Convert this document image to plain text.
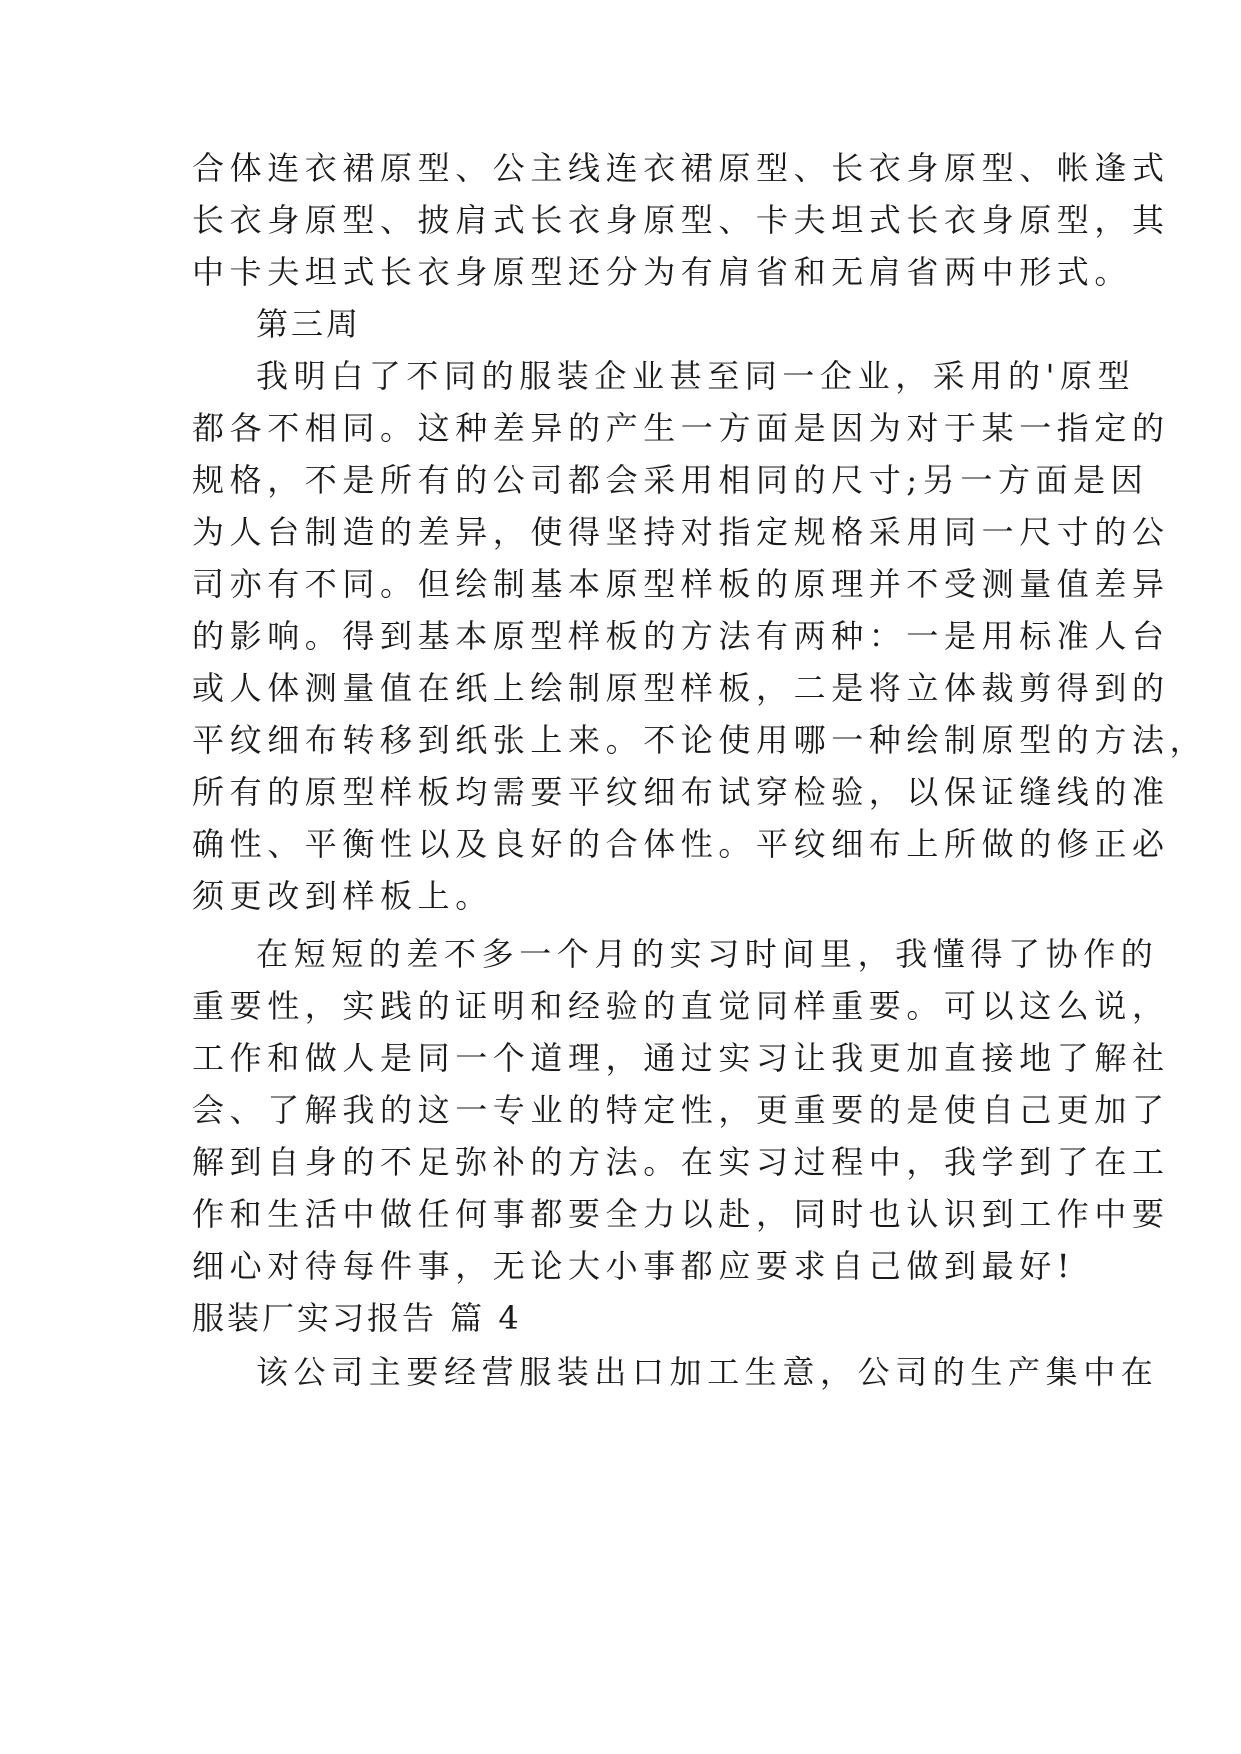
合体连衣裙原型、公主线连衣裙原型、长衣身原型、帐逢式
长衣身原型、披肩式长衣身原型、卡夫坦式长衣身原型，其
中卡夫坦式长衣身原型还分为有肩省和无肩省两中形式。
第三周
我明白了不同的服装企业甚至同一企业，采用的'原型
都各不相同。这种差异的产生一方面是因为对于某一指定的
规格，不是所有的公司都会采用相同的尺寸;另一方面是因
为人台制造的差异，使得坚持对指定规格采用同一尺寸的公
司亦有不同。但绘制基本原型样板的原理并不受测量值差异
的影响。得到基本原型样板的方法有两种：一是用标准人台
或人体测量值在纸上绘制原型样板，二是将立体裁剪得到的
平纹细布转移到纸张上来。不论使用哪一种绘制原型的方法，
所有的原型样板均需要平纹细布试穿检验，以保证缝线的准
确性、平衡性以及良好的合体性。平纹细布上所做的修正必
须更改到样板上。
在短短的差不多一个月的实习时间里，我懂得了协作的
重要性，实践的证明和经验的直觉同样重要。可以这么说，
工作和做人是同一个道理，通过实习让我更加直接地了解社
会、了解我的这一专业的特定性，更重要的是使自己更加了
解到自身的不足弥补的方法。在实习过程中，我学到了在工
作和生活中做任何事都要全力以赴，同时也认识到工作中要
细心对待每件事，无论大小事都应要求自己做到最好!
服装厂实习报告 篇 4
该公司主要经营服装出口加工生意，公司的生产集中在
